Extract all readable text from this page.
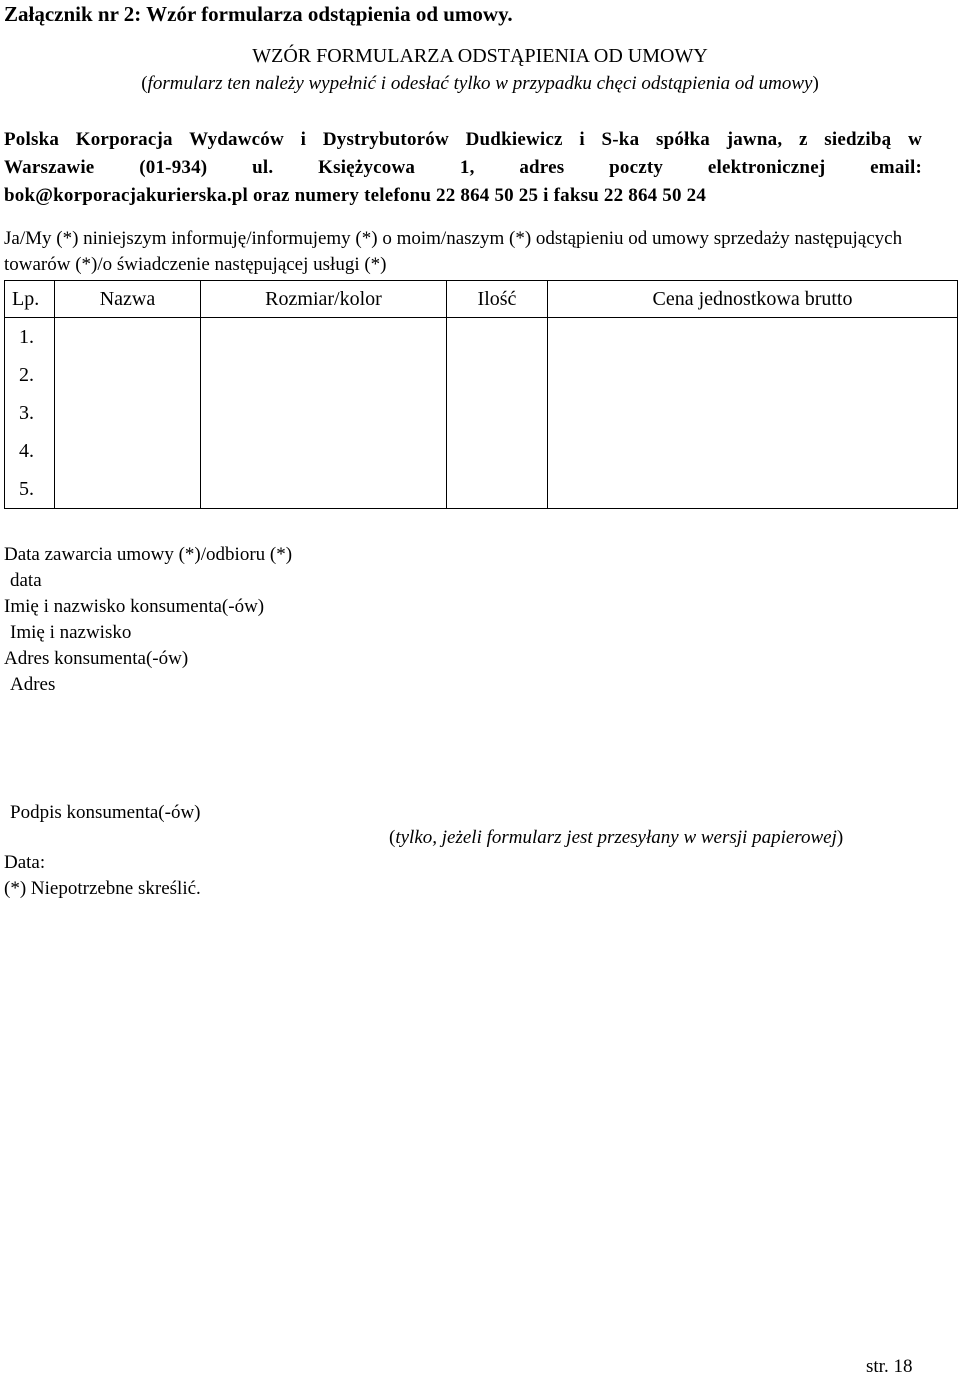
Załącznik nr 2: Wzór formularza odstąpienia od umowy.
WZÓR FORMULARZA ODSTĄPIENIA OD UMOWY
(formularz ten należy wypełnić i odesłać tylko w przypadku chęci odstąpienia od umowy)
Polska Korporacja Wydawców i Dystrybutorów Dudkiewicz i S-ka spółka jawna, z siedzibą w
Warszawie (01-934) ul. Księżycowa 1, adres poczty elektronicznej email:
bok@korporacjakurierska.pl oraz numery telefonu 22 864 50 25 i faksu 22 864 50 24
Ja/My (*) niniejszym informuję/informujemy (*) o moim/naszym (*) odstąpieniu od umowy sprzedaży następujących towarów (*)/o świadczenie następującej usługi (*)
Lp.	Nazwa	Rozmiar/kolor	Ilość	Cena jednostkowa brutto
1.				
2.				
3.				
4.				
5.				
Data zawarcia umowy (*)/odbioru (*)
data
Imię i nazwisko konsumenta(-ów)
Imię i nazwisko
Adres konsumenta(-ów)
Adres
Podpis konsumenta(-ów)
(tylko, jeżeli formularz jest przesyłany w wersji papierowej)
Data:
(*) Niepotrzebne skreślić.
str. 18
